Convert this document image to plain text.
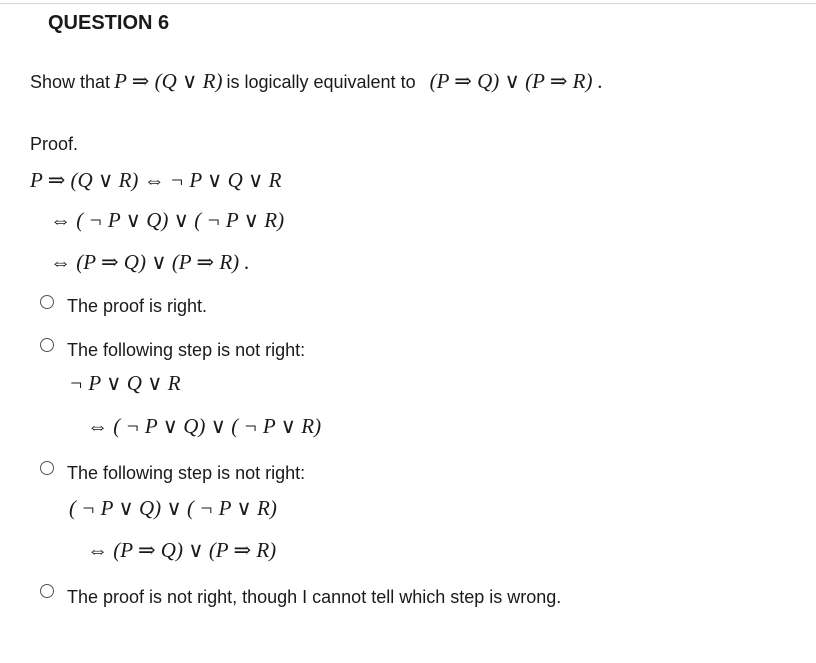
QUESTION 6
Show that P ⇒ (Q ∨ R) is logically equivalent to (P ⇒ Q) ∨ (P ⇒ R) .
Proof.
P ⇒ (Q ∨ R) ⇔ ¬ P ∨ Q ∨ R
⇔ ( ¬ P ∨ Q) ∨ ( ¬ P ∨ R)
⇔ (P ⇒ Q) ∨ (P ⇒ R) .
The proof is right.
The following step is not right:
¬ P ∨ Q ∨ R
⇔ ( ¬ P ∨ Q) ∨ ( ¬ P ∨ R)
The following step is not right:
( ¬ P ∨ Q) ∨ ( ¬ P ∨ R)
⇔ (P ⇒ Q) ∨ (P ⇒ R)
The proof is not right, though I cannot tell which step is wrong.
